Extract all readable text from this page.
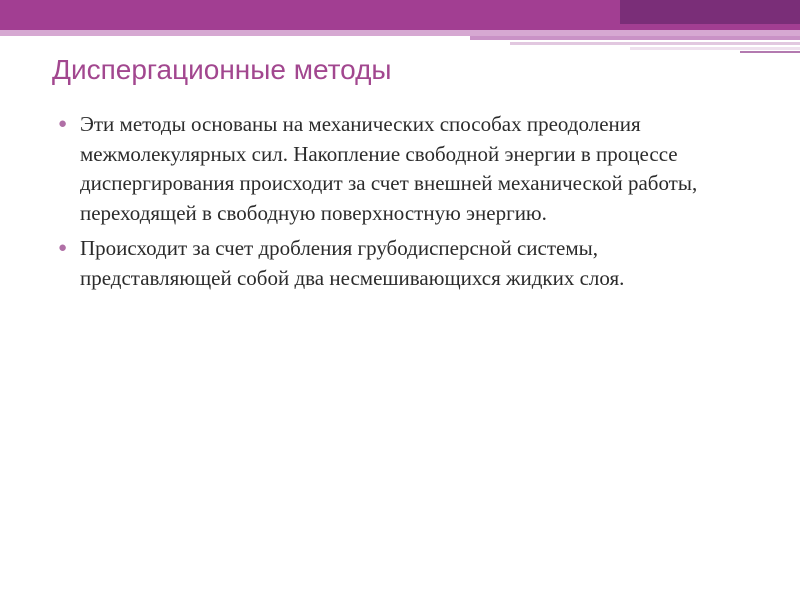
Диспергационные методы
● Эти методы основаны на механических способах преодоления межмолекулярных сил. Накопление свободной энергии в процессе диспергирования происходит за счет внешней механической работы, переходящей в свободную поверхностную энергию.
● Происходит за счет дробления грубодисперсной системы, представляющей собой два несмешивающихся жидких слоя.
